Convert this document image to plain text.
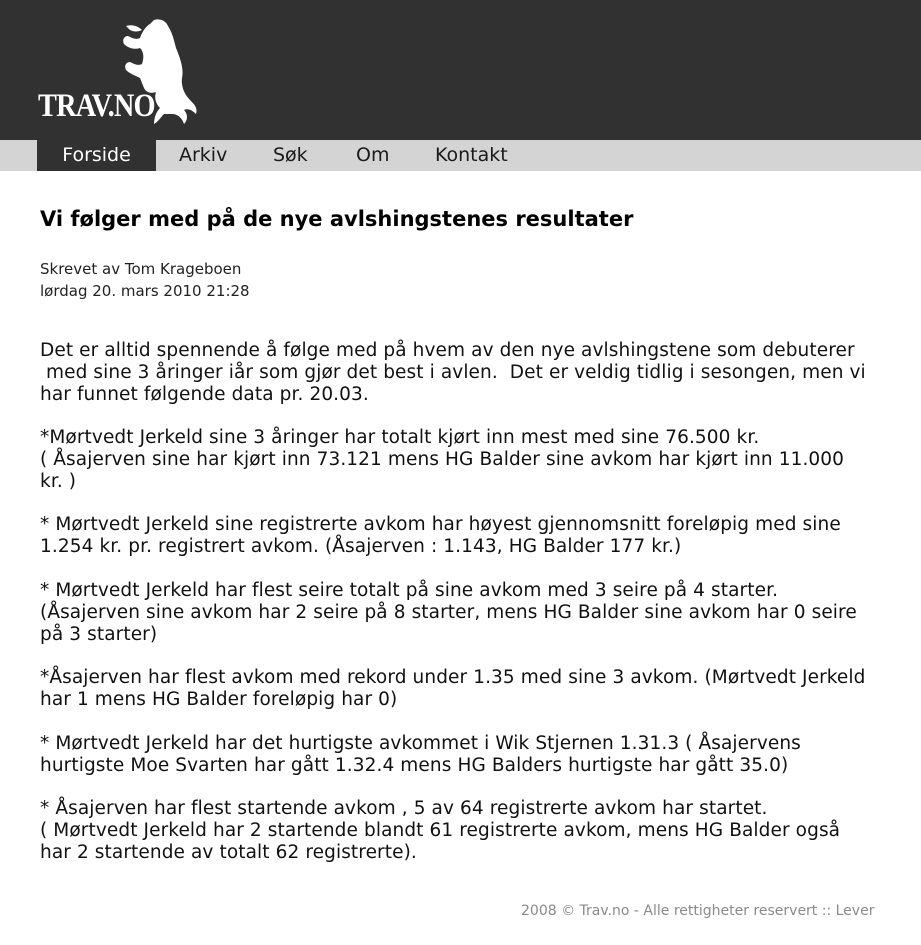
TRAV.NO
Forside	Arkiv Søk	Om Kontakt
Vi følger med på de nye avlshingstenes resultater
Skrevet av Tom Krageboen
lørdag 20. mars 2010 21:28

Det er alltid spennende å følge med på hvem av den nye avlshingstene som debuterer
med sine 3 åringer iår som gjør det best i avlen.  Det er veldig tidlig i sesongen, men vi
har funnet følgende data pr. 20.03.

*Mørtvedt Jerkeld sine 3 åringer har totalt kjørt inn mest med sine 76.500 kr.
( Åsajerven sine har kjørt inn 73.121 mens HG Balder sine avkom har kjørt inn 11.000
kr. )

* Mørtvedt Jerkeld sine registrerte avkom har høyest gjennomsnitt foreløpig med sine
1.254 kr. pr. registrert avkom. (Åsajerven : 1.143, HG Balder 177 kr.)

* Mørtvedt Jerkeld har flest seire totalt på sine avkom med 3 seire på 4 starter.
(Åsajerven sine avkom har 2 seire på 8 starter, mens HG Balder sine avkom har 0 seire
på 3 starter)

*Åsajerven har flest avkom med rekord under 1.35 med sine 3 avkom. (Mørtvedt Jerkeld
har 1 mens HG Balder foreløpig har 0)

* Mørtvedt Jerkeld har det hurtigste avkommet i Wik Stjernen 1.31.3 ( Åsajervens
hurtigste Moe Svarten har gått 1.32.4 mens HG Balders hurtigste har gått 35.0)

* Åsajerven har flest startende avkom , 5 av 64 registrerte avkom har startet.
( Mørtvedt Jerkeld har 2 startende blandt 61 registrerte avkom, mens HG Balder også
har 2 startende av totalt 62 registrerte).

2008 © Trav.no - Alle rettigheter reservert :: Lever
